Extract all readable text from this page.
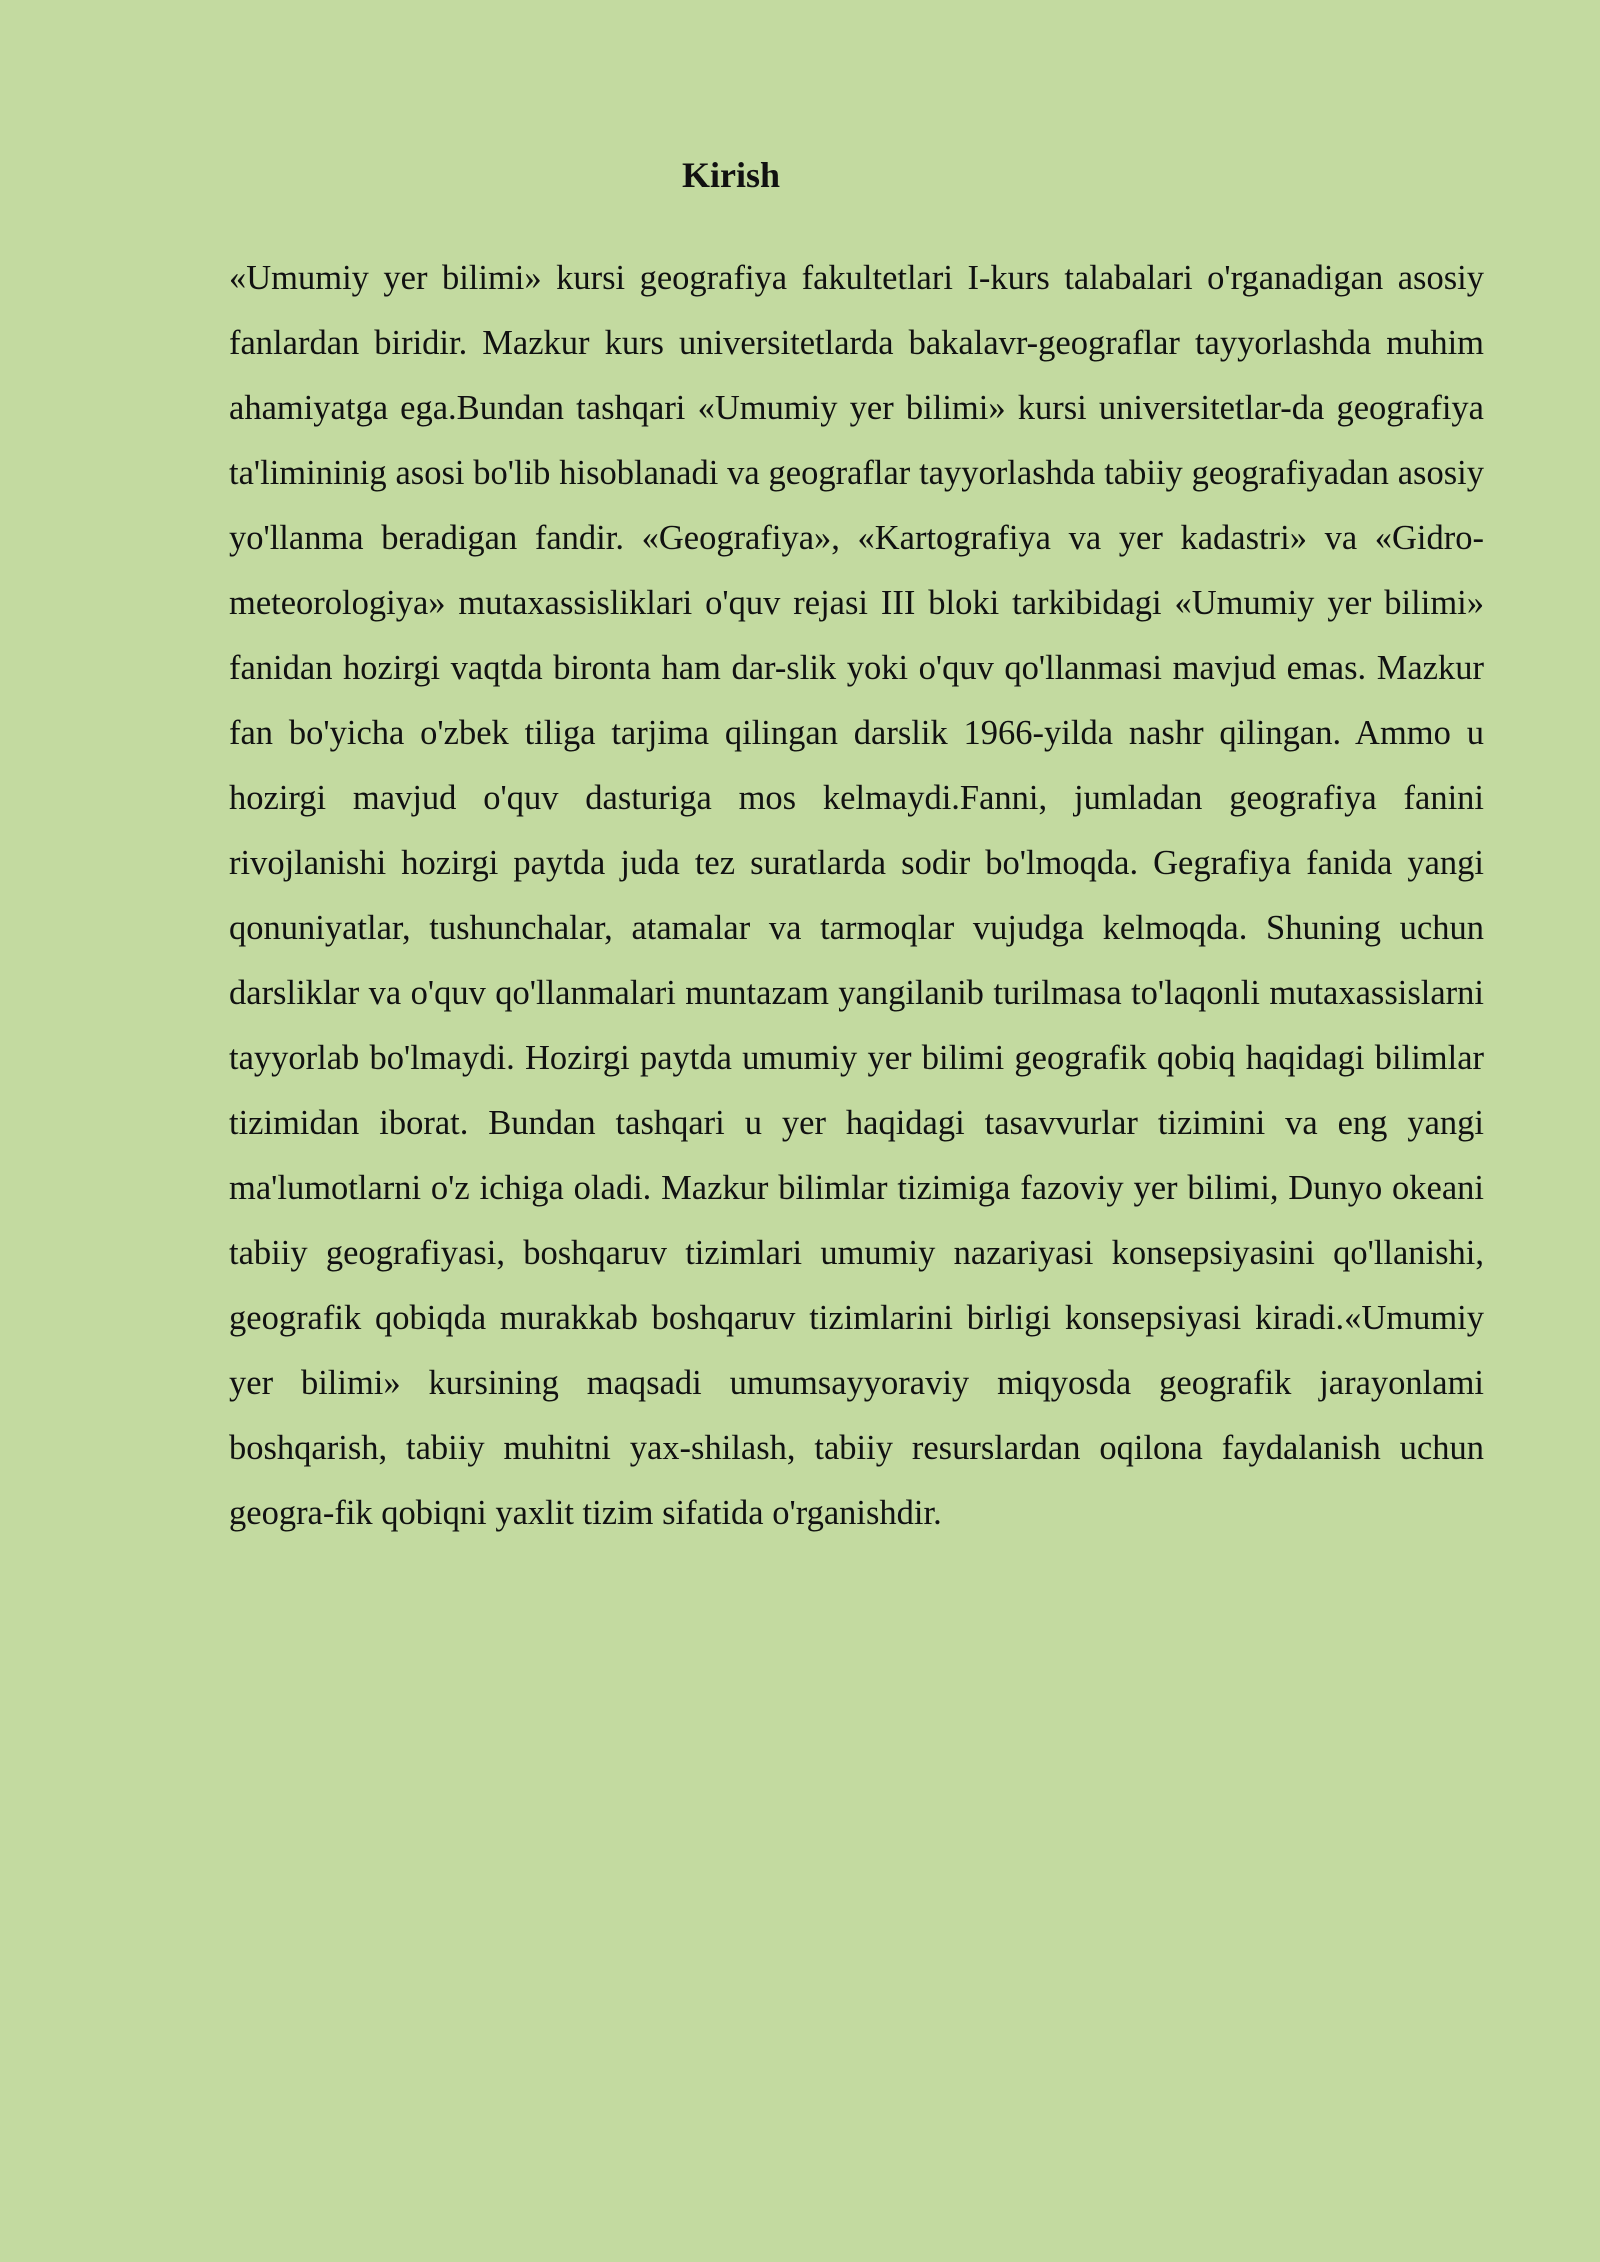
Kirish

«Umumiy yer bilimi» kursi geografiya fakultetlari I-kurs talabalari o'rganadigan asosiy fanlardan biridir. Mazkur kurs universitetlarda bakalavr-geograflar tayyorlashda muhim ahamiyatga ega.Bundan tashqari «Umumiy yer bilimi» kursi universitetlar-da geografiya ta'limininig asosi bo'lib hisoblanadi va geograflar tayyorlashda tabiiy geografiyadan asosiy yo'llanma beradigan fandir. «Geografiya», «Kartografiya va yer kadastri» va «Gidro-meteorologiya» mutaxassisliklari o'quv rejasi III bloki tarkibidagi «Umumiy yer bilimi» fanidan hozirgi vaqtda bironta ham dar-slik yoki o'quv qo'llanmasi mavjud emas. Mazkur fan bo'yicha o'zbek tiliga tarjima qilingan darslik 1966-yilda nashr qilingan. Ammo u hozirgi mavjud o'quv dasturiga mos kelmaydi.Fanni, jumladan geografiya fanini rivojlanishi hozirgi paytda juda tez suratlarda sodir bo'lmoqda. Gegrafiya fanida yangi qonuniyatlar, tushunchalar, atamalar va tarmoqlar vujudga kelmoqda. Shuning uchun darsliklar va o'quv qo'llanmalari muntazam yangilanib turilmasa to'laqonli mutaxassislarni tayyorlab bo'lmaydi. Hozirgi paytda umumiy yer bilimi geografik qobiq haqidagi bilimlar tizimidan iborat. Bundan tashqari u yer haqidagi tasavvurlar tizimini va eng yangi ma'lumotlarni o'z ichiga oladi. Mazkur bilimlar tizimiga fazoviy yer bilimi, Dunyo okeani tabiiy geografiyasi, boshqaruv tizimlari umumiy nazariyasi konsepsiyasini qo'llanishi, geografik qobiqda murakkab boshqaruv tizimlarini birligi konsepsiyasi kiradi.«Umumiy yer bilimi» kursining maqsadi umumsayyoraviy miqyosda geografik jarayonlami boshqarish, tabiiy muhitni yax-shilash, tabiiy resurslardan oqilona faydalanish uchun geogra-fik qobiqni yaxlit tizim sifatida o'rganishdir.
